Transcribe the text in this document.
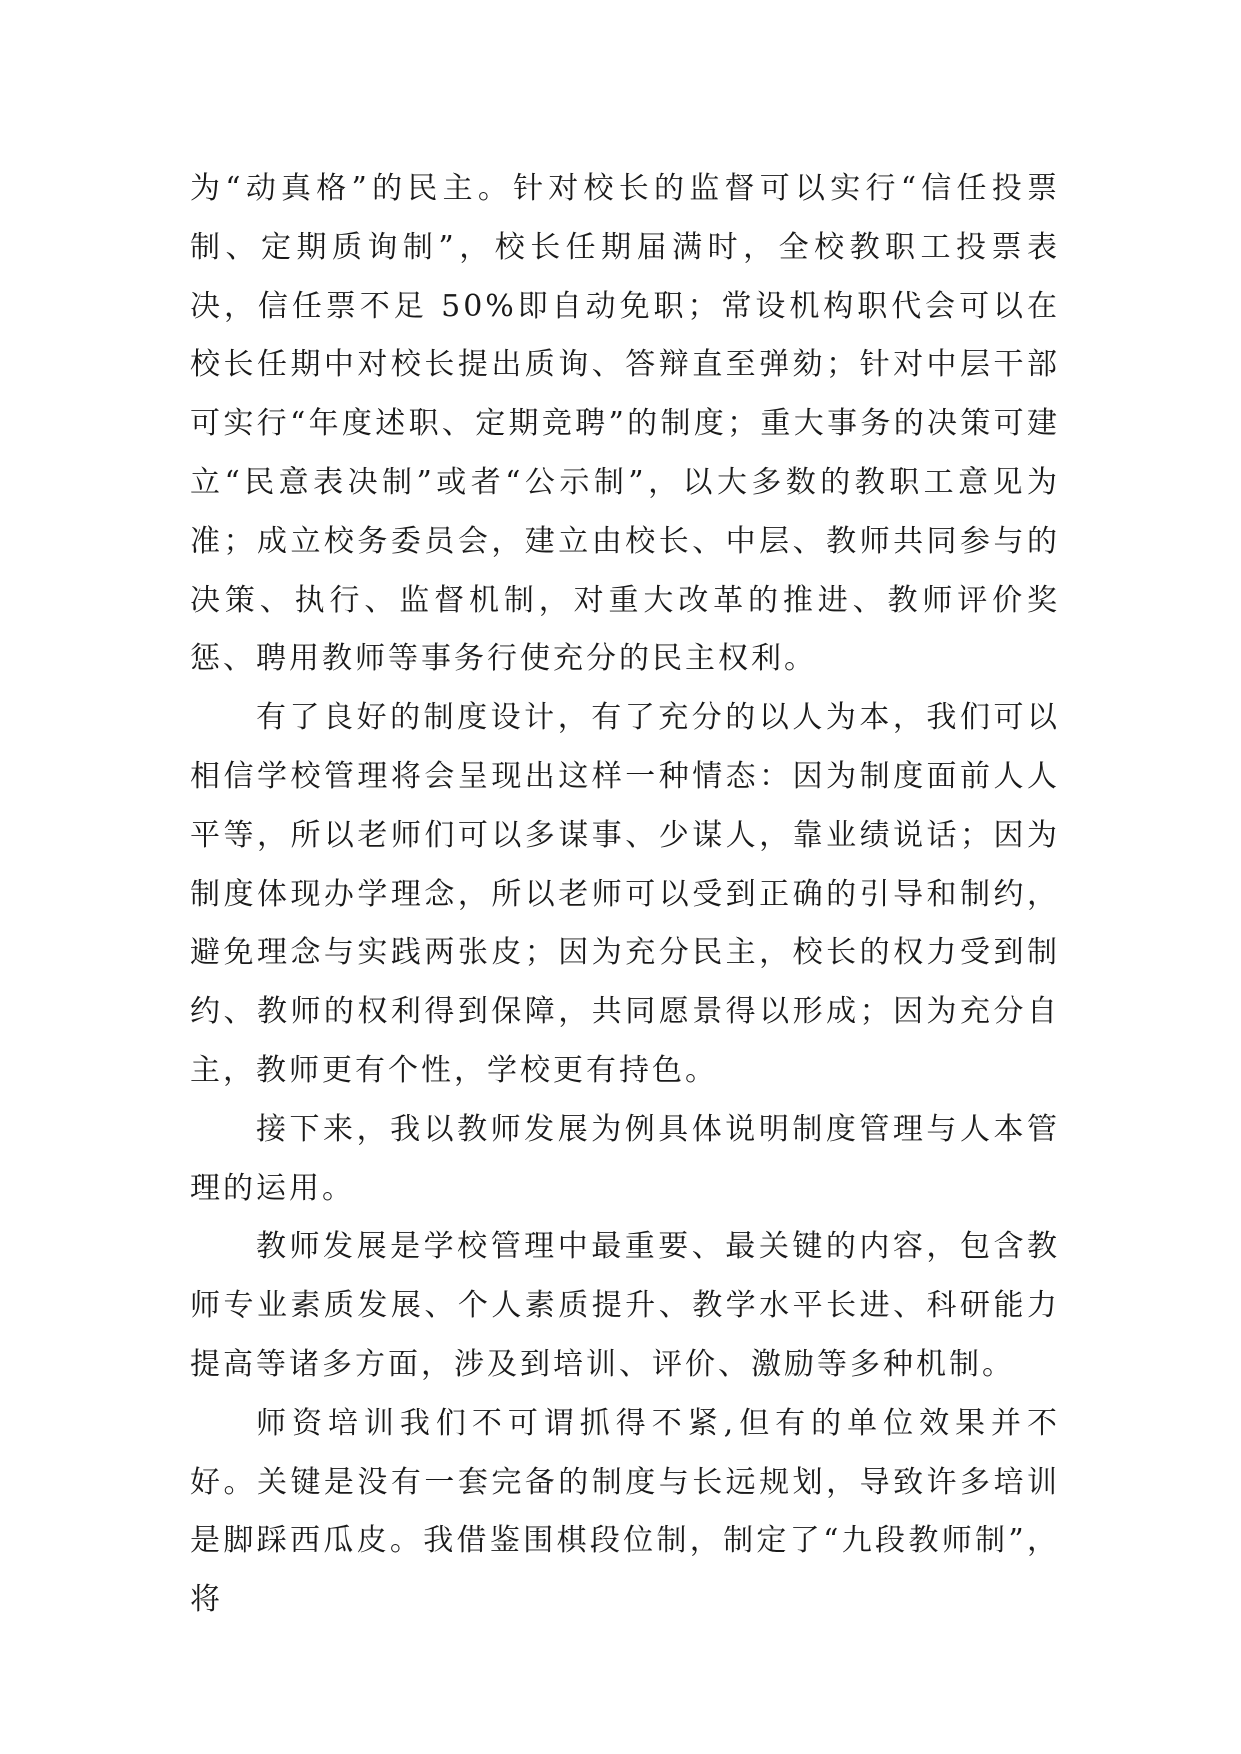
为“动真格”的民主。针对校长的监督可以实行“信任投票制、定期质询制”，校长任期届满时，全校教职工投票表决，信任票不足 50%即自动免职；常设机构职代会可以在校长任期中对校长提出质询、答辩直至弹劾；针对中层干部可实行“年度述职、定期竞聘”的制度；重大事务的决策可建立“民意表决制”或者“公示制”，以大多数的教职工意见为准；成立校务委员会，建立由校长、中层、教师共同参与的决策、执行、监督机制，对重大改革的推进、教师评价奖惩、聘用教师等事务行使充分的民主权利。

有了良好的制度设计，有了充分的以人为本，我们可以相信学校管理将会呈现出这样一种情态：因为制度面前人人平等，所以老师们可以多谋事、少谋人，靠业绩说话；因为制度体现办学理念，所以老师可以受到正确的引导和制约，避免理念与实践两张皮；因为充分民主，校长的权力受到制约、教师的权利得到保障，共同愿景得以形成；因为充分自主，教师更有个性，学校更有持色。

接下来，我以教师发展为例具体说明制度管理与人本管理的运用。

教师发展是学校管理中最重要、最关键的内容，包含教师专业素质发展、个人素质提升、教学水平长进、科研能力提高等诸多方面，涉及到培训、评价、激励等多种机制。

师资培训我们不可谓抓得不紧,但有的单位效果并不好。关键是没有一套完备的制度与长远规划，导致许多培训是脚踩西瓜皮。我借鉴围棋段位制，制定了“九段教师制”，将
